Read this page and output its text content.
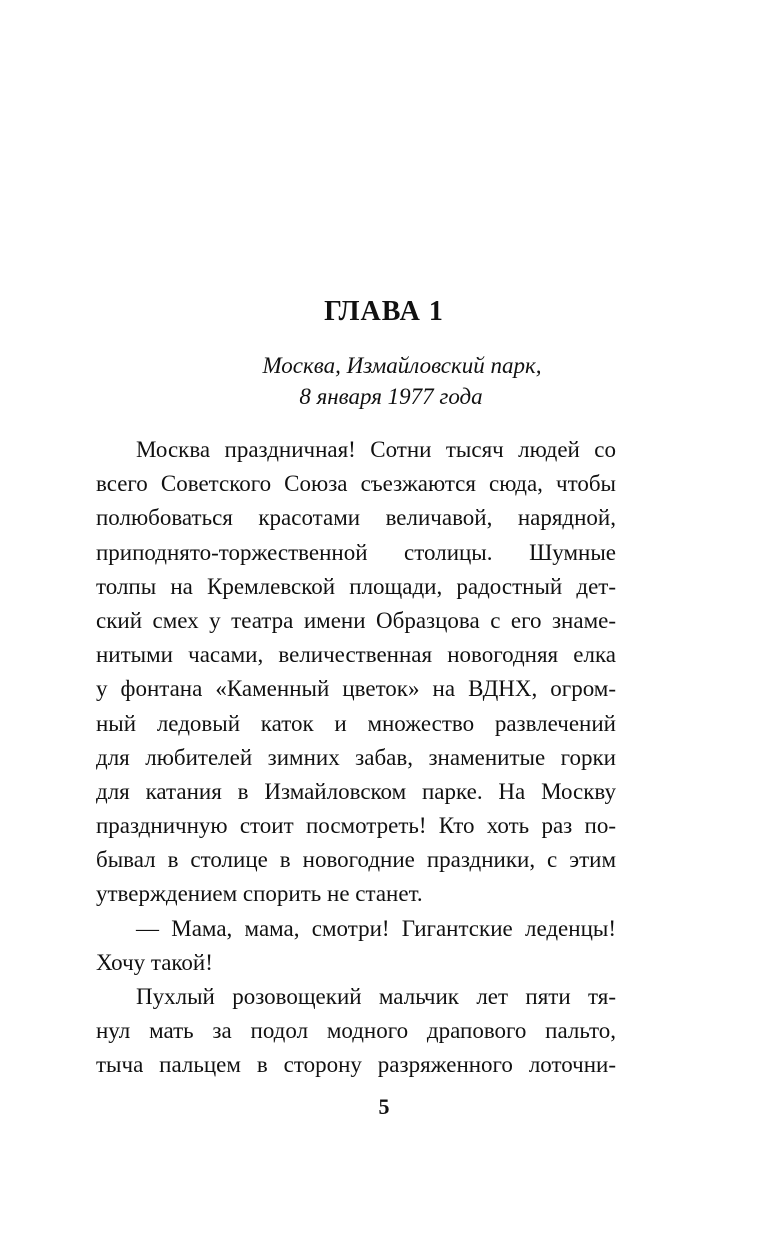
ГЛАВА 1
Москва, Измайловский парк,
8 января 1977 года
Москва праздничная! Сотни тысяч людей со
всего Советского Союза съезжаются сюда, чтобы
полюбоваться красотами величавой, нарядной,
приподнято-торжественной столицы. Шумные
толпы на Кремлевской площади, радостный дет-
ский смех у театра имени Образцова с его знаме-
нитыми часами, величественная новогодняя елка
у фонтана «Каменный цветок» на ВДНХ, огром-
ный ледовый каток и множество развлечений
для любителей зимних забав, знаменитые горки
для катания в Измайловском парке. На Москву
праздничную стоит посмотреть! Кто хоть раз по-
бывал в столице в новогодние праздники, с этим
утверждением спорить не станет.
— Мама, мама, смотри! Гигантские леденцы!
Хочу такой!
Пухлый розовощекий мальчик лет пяти тя-
нул мать за подол модного драпового пальто,
тыча пальцем в сторону разряженного лоточни-
5
